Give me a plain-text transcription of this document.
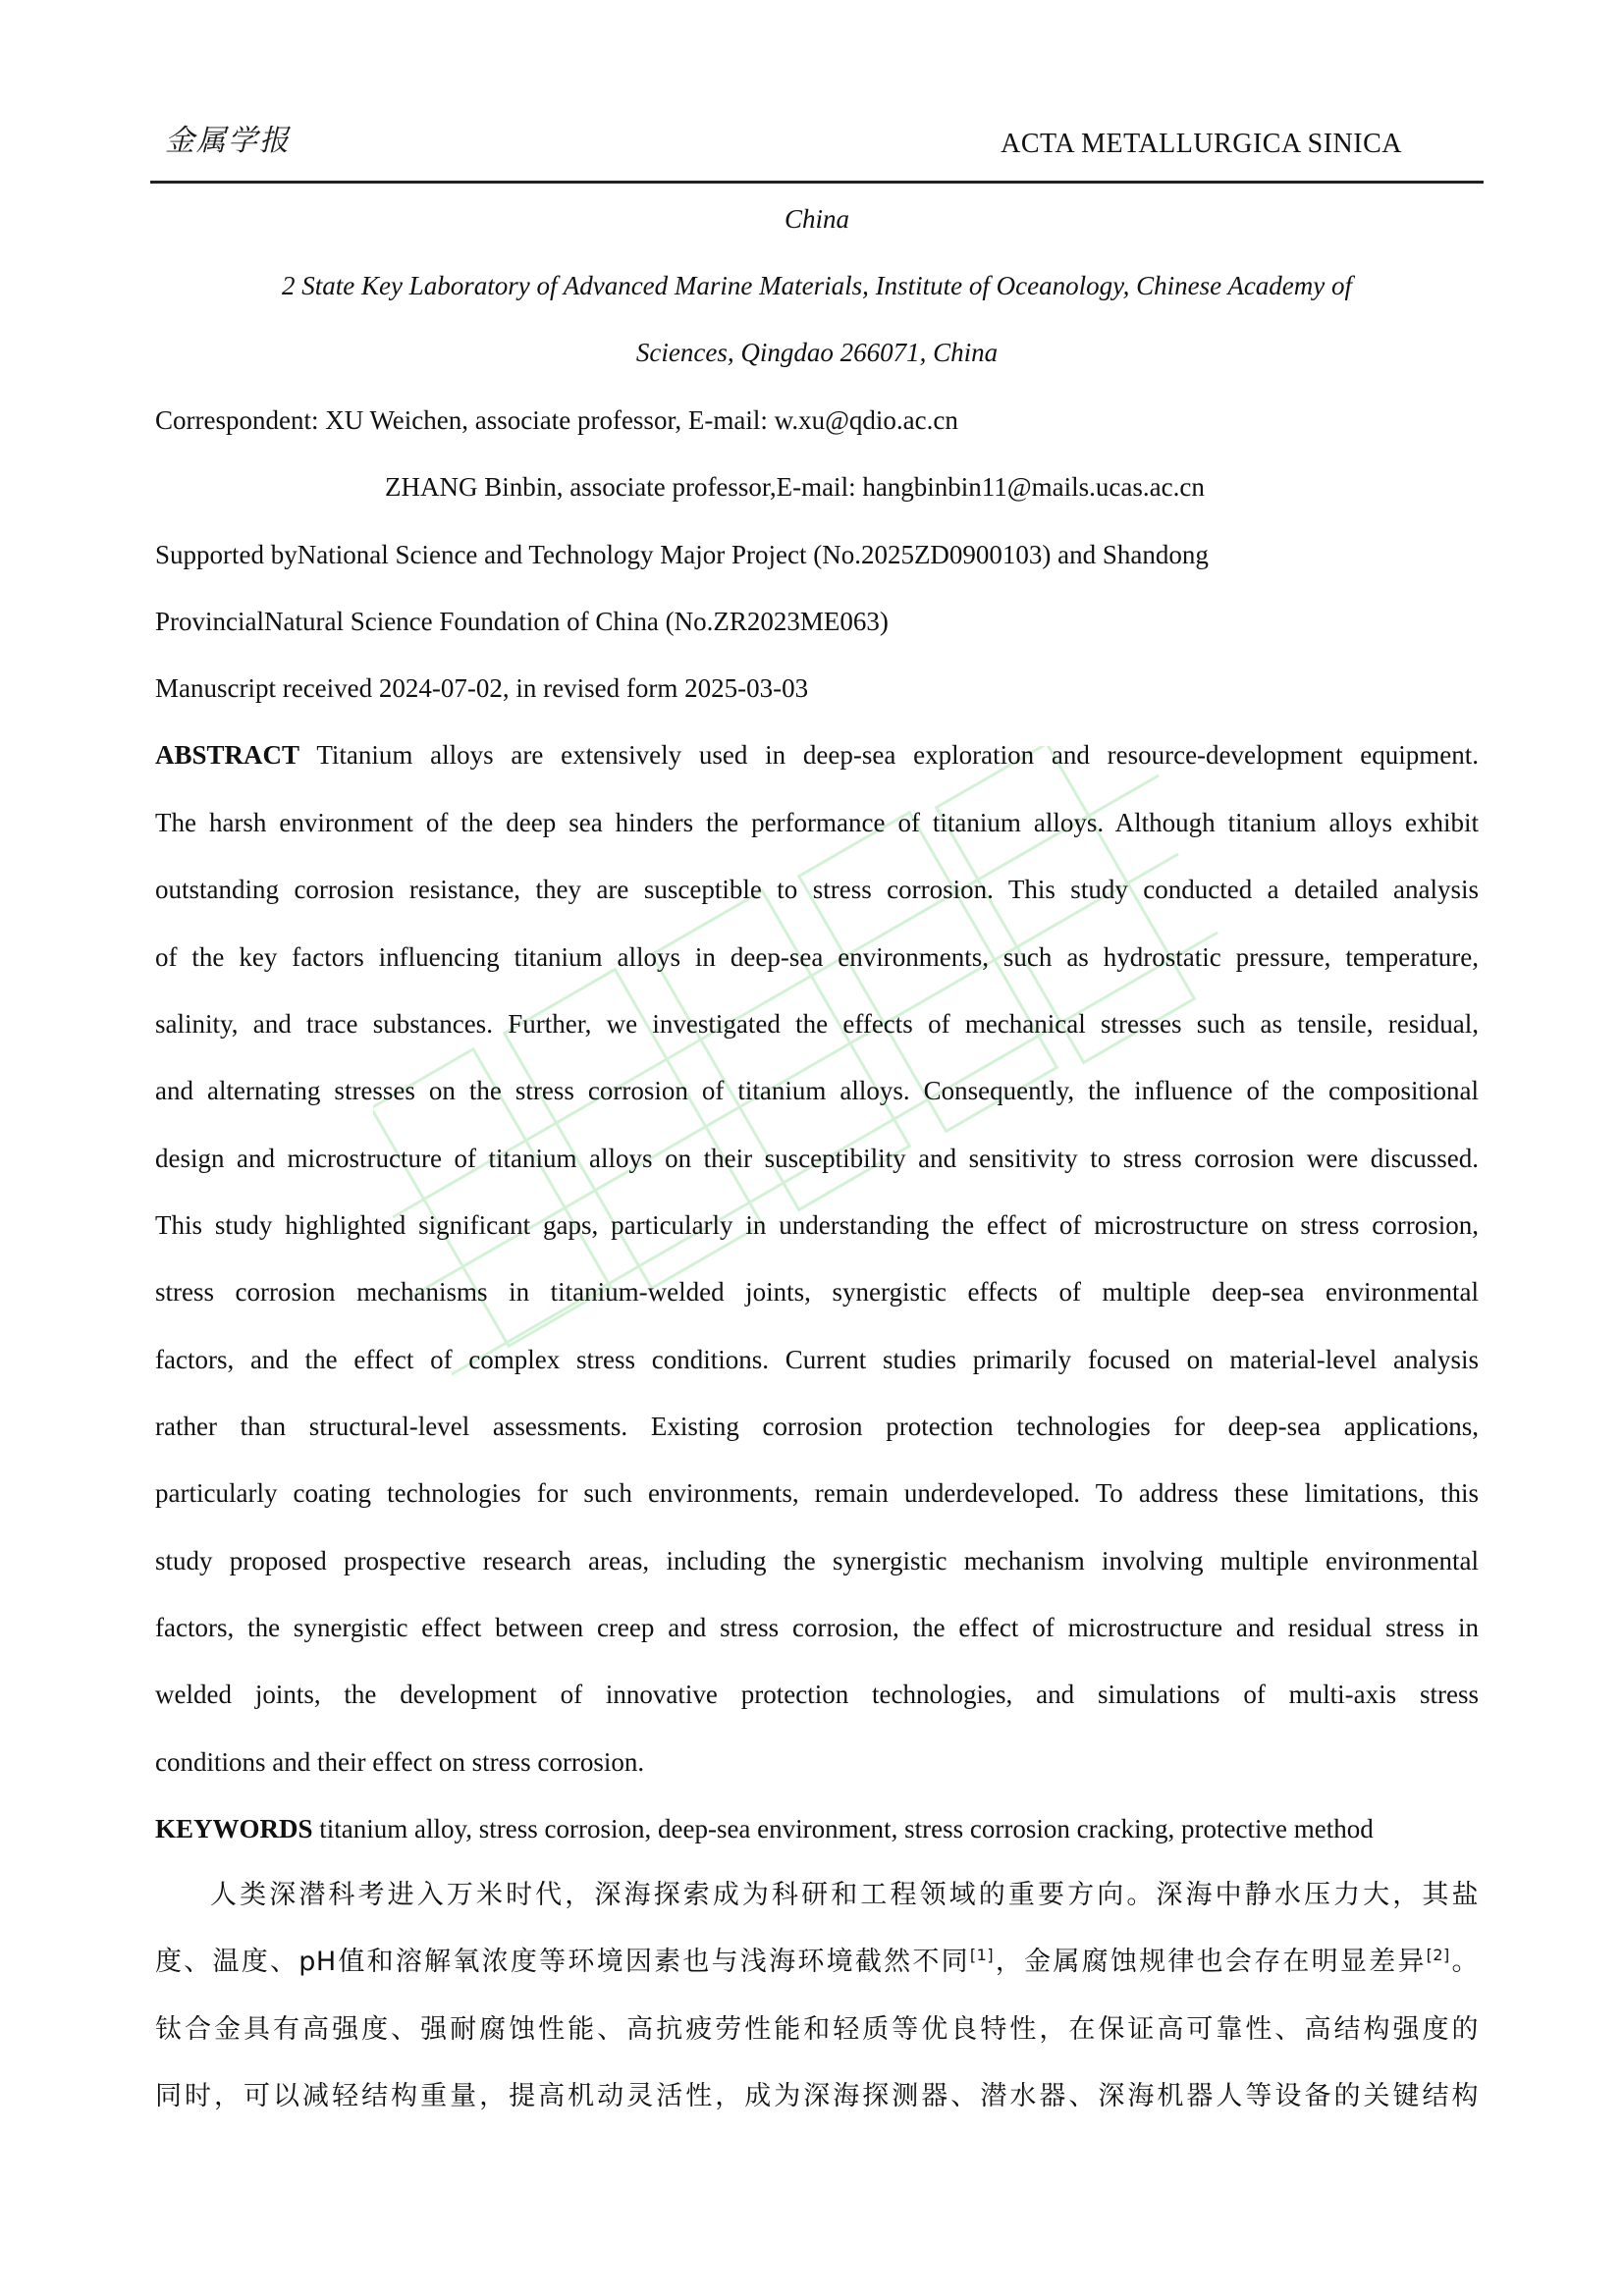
金属学报	ACTA METALLURGICA SINICA
China
2 State Key Laboratory of Advanced Marine Materials, Institute of Oceanology, Chinese Academy of
Sciences, Qingdao 266071, China
Correspondent: XU Weichen, associate professor, E-mail: w.xu@qdio.ac.cn
ZHANG Binbin, associate professor,E-mail: hangbinbin11@mails.ucas.ac.cn
Supported byNational Science and Technology Major Project (No.2025ZD0900103) and Shandong
ProvincialNatural Science Foundation of China (No.ZR2023ME063)
Manuscript received 2024-07-02, in revised form 2025-03-03
ABSTRACT Titanium alloys are extensively used in deep-sea exploration and resource-development equipment.
The harsh environment of the deep sea hinders the performance of titanium alloys. Although titanium alloys exhibit
outstanding corrosion resistance, they are susceptible to stress corrosion. This study conducted a detailed analysis
of the key factors influencing titanium alloys in deep-sea environments, such as hydrostatic pressure, temperature,
salinity, and trace substances. Further, we investigated the effects of mechanical stresses such as tensile, residual,
and alternating stresses on the stress corrosion of titanium alloys. Consequently, the influence of the compositional
design and microstructure of titanium alloys on their susceptibility and sensitivity to stress corrosion were discussed.
This study highlighted significant gaps, particularly in understanding the effect of microstructure on stress corrosion,
stress corrosion mechanisms in titanium-welded joints, synergistic effects of multiple deep-sea environmental
factors, and the effect of complex stress conditions. Current studies primarily focused on material-level analysis
rather than structural-level assessments. Existing corrosion protection technologies for deep-sea applications,
particularly coating technologies for such environments, remain underdeveloped. To address these limitations, this
study proposed prospective research areas, including the synergistic mechanism involving multiple environmental
factors, the synergistic effect between creep and stress corrosion, the effect of microstructure and residual stress in
welded joints, the development of innovative protection technologies, and simulations of multi-axis stress
conditions and their effect on stress corrosion.
KEYWORDS titanium alloy, stress corrosion, deep-sea environment, stress corrosion cracking, protective method
人类深潜科考进入万米时代，深海探索成为科研和工程领域的重要方向。深海中静水压力大，其盐
度、温度、pH值和溶解氧浓度等环境因素也与浅海环境截然不同[1]，金属腐蚀规律也会存在明显差异[2]。
钛合金具有高强度、强耐腐蚀性能、高抗疲劳性能和轻质等优良特性，在保证高可靠性、高结构强度的
同时，可以减轻结构重量，提高机动灵活性，成为深海探测器、潜水器、深海机器人等设备的关键结构
